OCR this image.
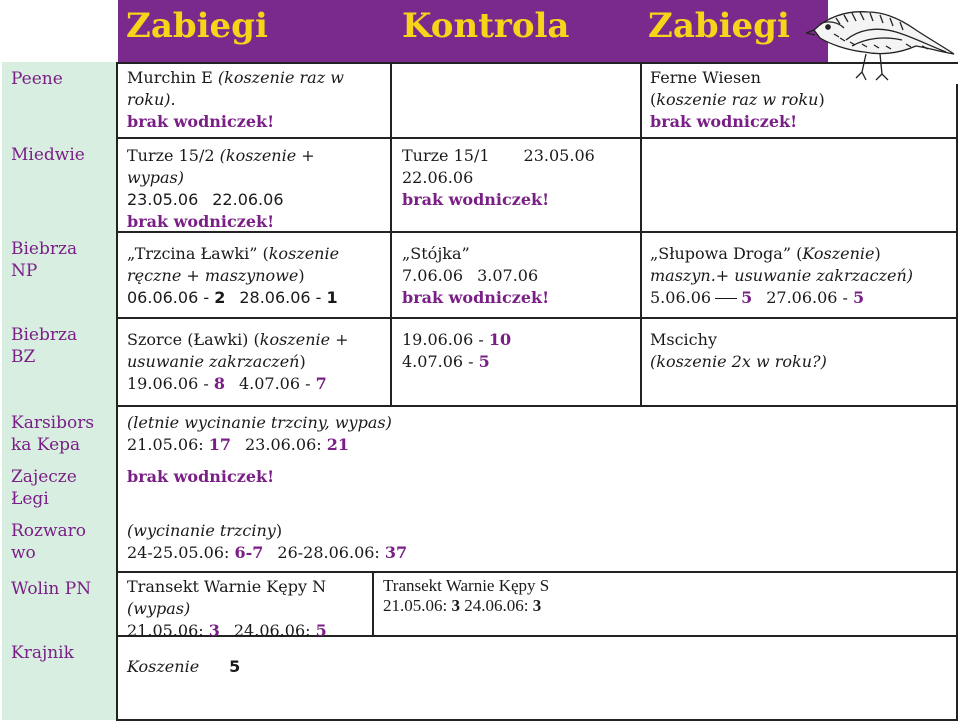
Zabiegi	Kontrola Zabiegi
Peene
Miedwie
Biebrza
NP
Biebrza
BZ
Karsibors
ka Kepa
Zajecze
Łegi
Rozwaro
wo
Wolin PN
Krajnik
Murchin E (koszenie raz w
roku).
brak wodniczek!
Ferne Wiesen
(koszenie raz w roku)
brak wodniczek!
Turze 15/2 (koszenie +
wypas)
23.05.06 22.06.06
brak wodniczek!
Turze 15/1 23.05.06
22.06.06
brak wodniczek!
„Trzcina Ławki” (koszenie
ręczne + maszynowe)
06.06.06 - 2 28.06.06 - 1
„Stójka”
7.06.06 3.07.06
brak wodniczek!
„Słupowa Droga” (Koszenie)
maszyn.+ usuwanie zakrzaczeń)
5.06.06 5 27.06.06 - 5
Szorce (Ławki) (koszenie +
usuwanie zakrzaczeń)
19.06.06 - 8 4.07.06 - 7
19.06.06 - 10
4.07.06 - 5
Mscichy
(koszenie 2x w roku?)
(letnie wycinanie trzciny, wypas)
21.05.06: 17 23.06.06: 21
brak wodniczek!
(wycinanie trzciny)
24-25.05.06: 6-7 26-28.06.06: 37
Transekt Warnie Kępy N
(wypas)
21.05.06: 3 24.06.06: 5
Transekt Warnie Kępy S
21.05.06: 3 24.06.06: 3
Koszenie 5
